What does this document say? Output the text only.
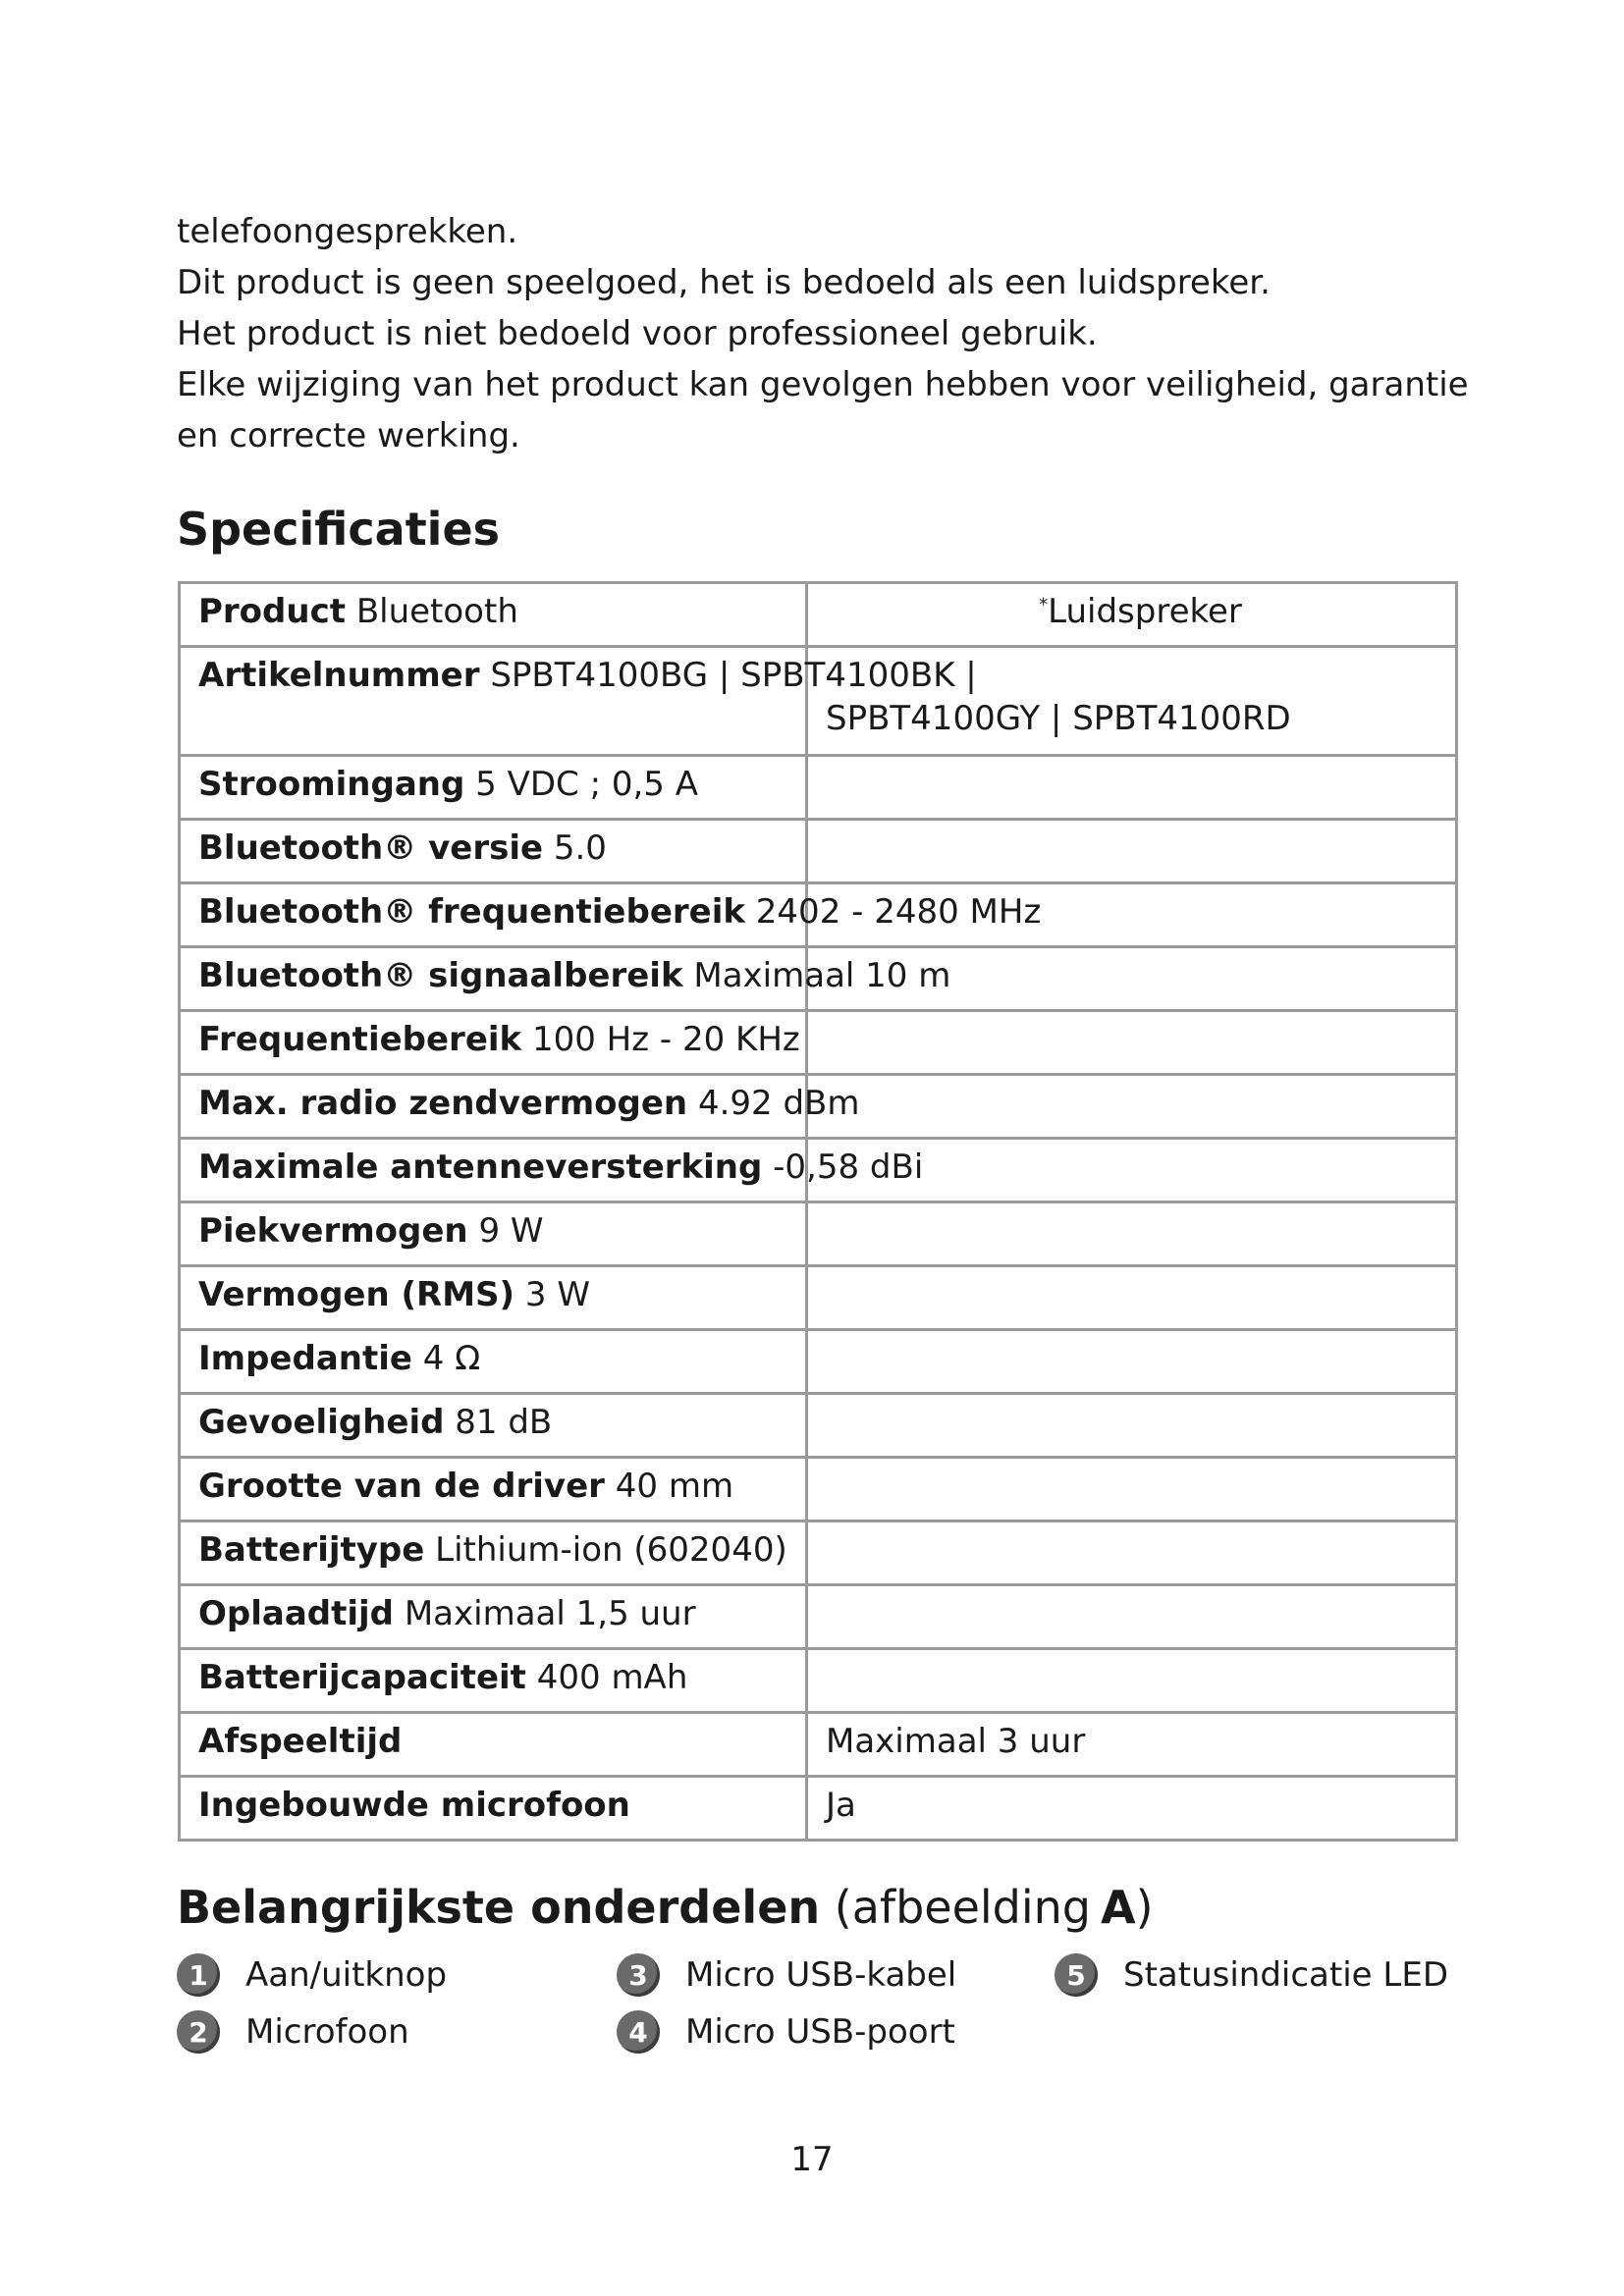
telefoongesprekken.

Dit product is geen speelgoed, het is bedoeld als een luidspreker.

Het product is niet bedoeld voor professioneel gebruik.

Elke wijziging van het product kan gevolgen hebben voor veiligheid, garantie en correcte werking.

Specificaties
Product Bluetooth	*Luidspreker
Artikelnummer SPBT4100BG | SPBT4100BK |
SPBT4100GY | SPBT4100RD
Stroomingang 5 VDC ; 0,5 A
Bluetooth® versie 5.0
Bluetooth® frequentiebereik 2402 - 2480 MHz
Bluetooth® signaalbereik Maximaal 10 m
Frequentiebereik 100 Hz - 20 KHz
Max. radio zendvermogen 4.92 dBm
Maximale antenneversterking -0,58 dBi
Piekvermogen 9 W
Vermogen (RMS) 3 W
Impedantie 4 Ω
Gevoeligheid 81 dB
Grootte van de driver 40 mm
Batterijtype Lithium-ion (602040)
Oplaadtijd Maximaal 1,5 uur
Batterijcapaciteit 400 mAh
Afspeeltijd	Maximaal 3 uur
Ingebouwde microfoon	Ja
Belangrijkste onderdelen (afbeelding A)
1	Aan/uitknop
2	Microfoon
3	Micro USB-kabel
4	Micro USB-poort
5	Statusindicatie LED
17
